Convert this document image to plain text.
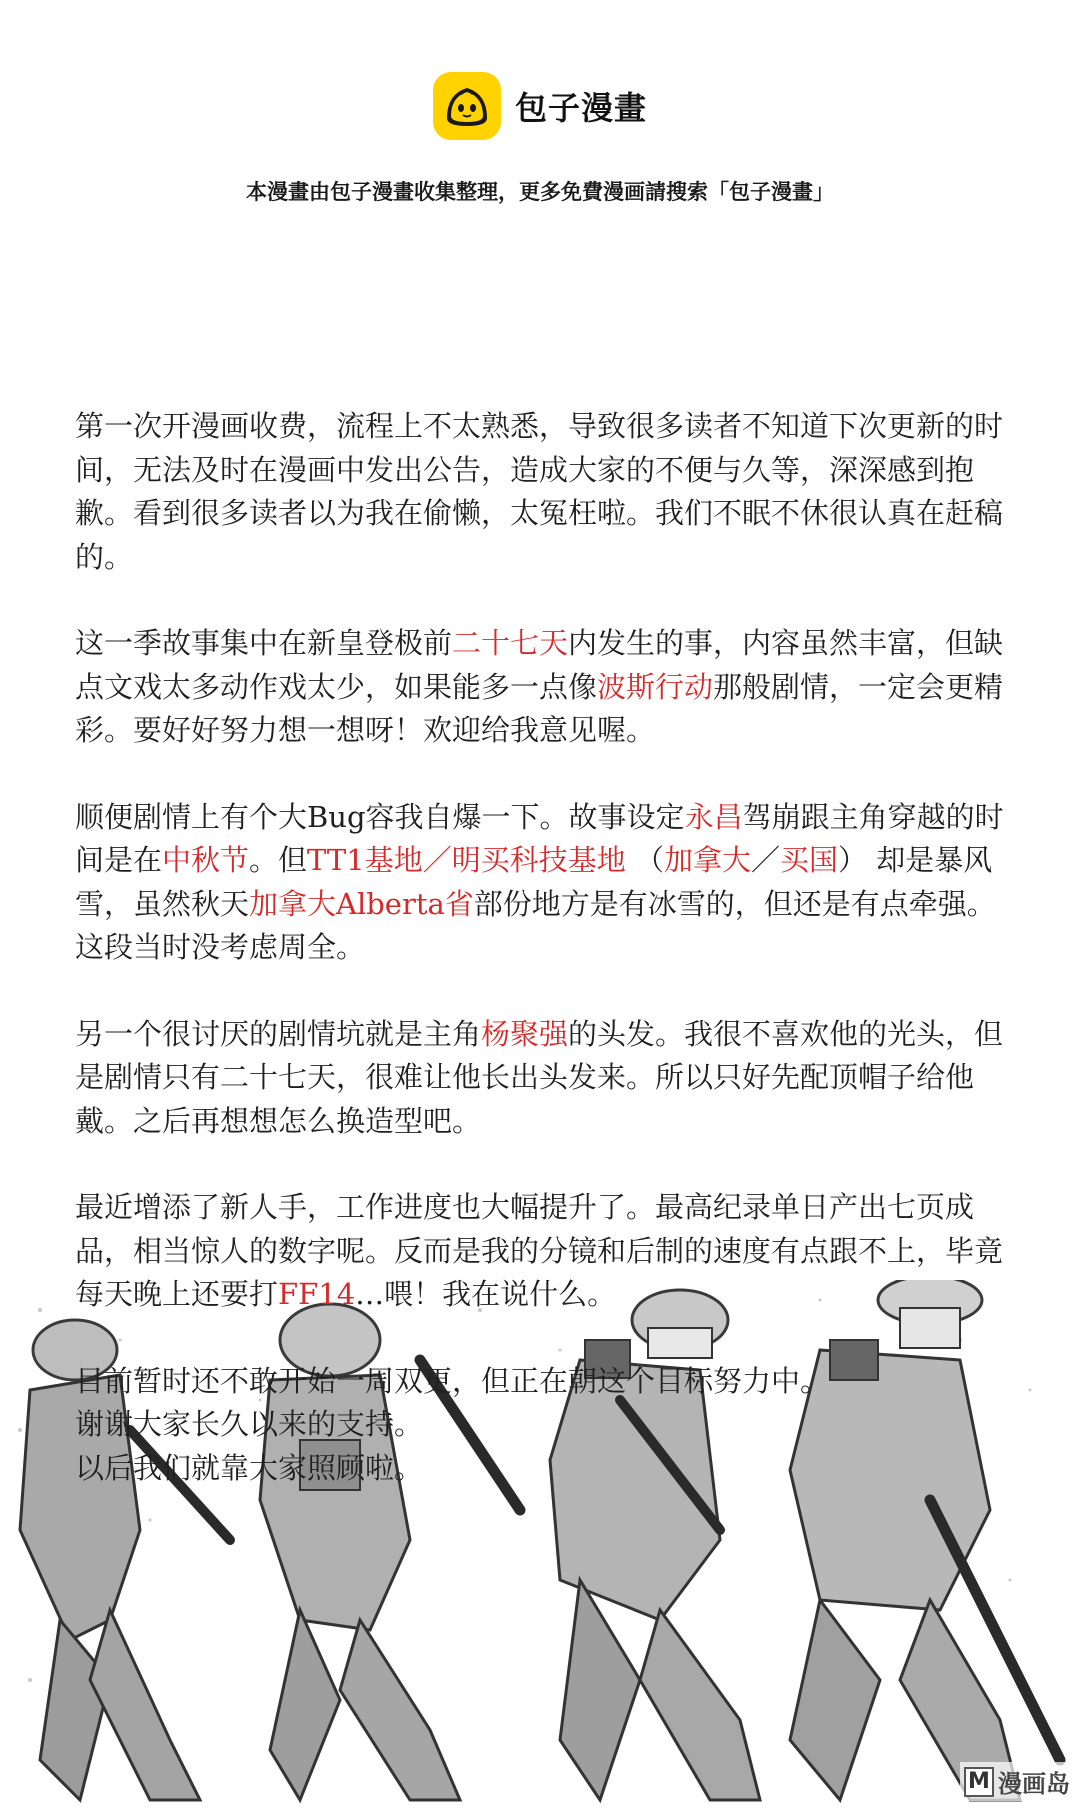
包子漫畫
本漫畫由包子漫畫收集整理，更多免費漫画請搜索「包子漫畫」

第一次开漫画收费，流程上不太熟悉，导致很多读者不知道下次更新的时间，无法及时在漫画中发出公告，造成大家的不便与久等，深深感到抱歉。看到很多读者以为我在偷懒，太冤枉啦。我们不眠不休很认真在赶稿的。

这一季故事集中在新皇登极前二十七天内发生的事，内容虽然丰富，但缺点文戏太多动作戏太少，如果能多一点像波斯行动那般剧情，一定会更精彩。要好好努力想一想呀！欢迎给我意见喔。

顺便剧情上有个大Bug容我自爆一下。故事设定永昌驾崩跟主角穿越的时间是在中秋节。但TT1基地／明买科技基地 （加拿大／买国） 却是暴风雪，虽然秋天加拿大Alberta省部份地方是有冰雪的，但还是有点牵强。这段当时没考虑周全。

另一个很讨厌的剧情坑就是主角杨聚强的头发。我很不喜欢他的光头，但是剧情只有二十七天，很难让他长出头发来。所以只好先配顶帽子给他戴。之后再想想怎么换造型吧。

最近增添了新人手，工作进度也大幅提升了。最高纪录单日产出七页成品，相当惊人的数字呢。反而是我的分镜和后制的速度有点跟不上，毕竟每天晚上还要打FF14…喂！我在说什么。

目前暂时还不敢开始一周双更，但正在朝这个目标努力中。

谢谢大家长久以来的支持。

以后我们就靠大家照顾啦。

M 漫画岛
